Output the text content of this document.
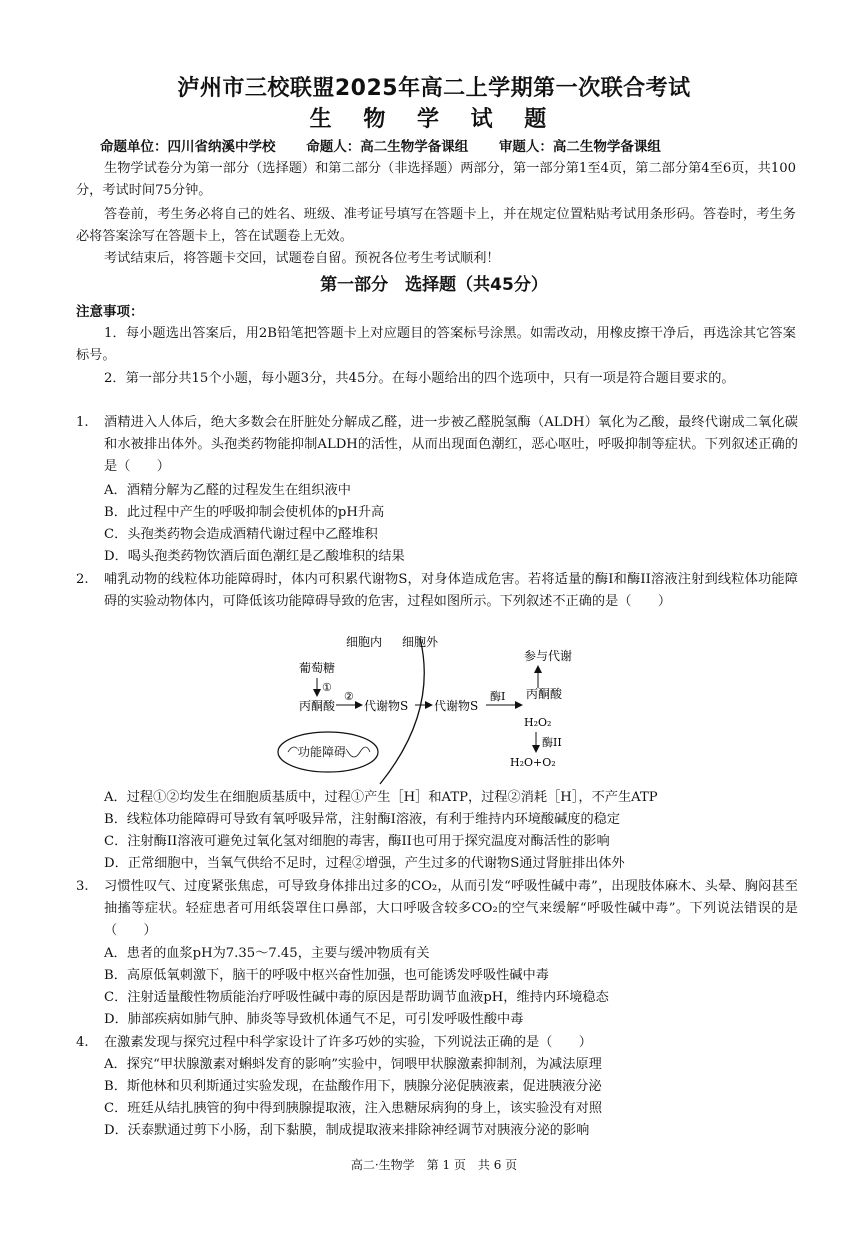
泸州市三校联盟2025年高二上学期第一次联合考试
生 物 学 试 题
命题单位：四川省纳溪中学校 命题人：高二生物学备课组 审题人：高二生物学备课组
生物学试卷分为第一部分（选择题）和第二部分（非选择题）两部分，第一部分第1至4页，第二部分第4至6页，共100分，考试时间75分钟。
答卷前，考生务必将自己的姓名、班级、准考证号填写在答题卡上，并在规定位置粘贴考试用条形码。答卷时，考生务必将答案涂写在答题卡上，答在试题卷上无效。
考试结束后，将答题卡交回，试题卷自留。预祝各位考生考试顺利！
第一部分　选择题（共45分）
注意事项：
1．每小题选出答案后，用2B铅笔把答题卡上对应题目的答案标号涂黑。如需改动，用橡皮擦干净后，再选涂其它答案标号。
2．第一部分共15个小题，每小题3分，共45分。在每小题给出的四个选项中，只有一项是符合题目要求的。
1. 酒精进入人体后，绝大多数会在肝脏处分解成乙醛，进一步被乙醛脱氢酶（ALDH）氧化为乙酸，最终代谢成二氧化碳和水被排出体外。头孢类药物能抑制ALDH的活性，从而出现面色潮红，恶心呕吐，呼吸抑制等症状。下列叙述正确的是（　　）
A．酒精分解为乙醛的过程发生在组织液中
B．此过程中产生的呼吸抑制会使机体的pH升高
C．头孢类药物会造成酒精代谢过程中乙醛堆积
D．喝头孢类药物饮酒后面色潮红是乙酸堆积的结果
2. 哺乳动物的线粒体功能障碍时，体内可积累代谢物S，对身体造成危害。若将适量的酶I和酶II溶液注射到线粒体功能障碍的实验动物体内，可降低该功能障碍导致的危害，过程如图所示。下列叙述不正确的是（　　）
细胞内 细胞外
葡萄糖
①
丙酮酸
②
代谢物S 代谢物S
酶I 丙酮酸
参与代谢
H₂O₂
酶II
H₂O+O₂
功能障碍
A．过程①②均发生在细胞质基质中，过程①产生［H］和ATP，过程②消耗［H］，不产生ATP
B．线粒体功能障碍可导致有氧呼吸异常，注射酶I溶液，有利于维持内环境酸碱度的稳定
C．注射酶II溶液可避免过氧化氢对细胞的毒害，酶II也可用于探究温度对酶活性的影响
D．正常细胞中，当氧气供给不足时，过程②增强，产生过多的代谢物S通过肾脏排出体外
3. 习惯性叹气、过度紧张焦虑，可导致身体排出过多的CO₂，从而引发“呼吸性碱中毒”，出现肢体麻木、头晕、胸闷甚至抽搐等症状。轻症患者可用纸袋罩住口鼻部，大口呼吸含较多CO₂的空气来缓解“呼吸性碱中毒”。下列说法错误的是（　　）
A．患者的血浆pH为7.35～7.45，主要与缓冲物质有关
B．高原低氧刺激下，脑干的呼吸中枢兴奋性加强，也可能诱发呼吸性碱中毒
C．注射适量酸性物质能治疗呼吸性碱中毒的原因是帮助调节血液pH，维持内环境稳态
D．肺部疾病如肺气肿、肺炎等导致机体通气不足，可引发呼吸性酸中毒
4. 在激素发现与探究过程中科学家设计了许多巧妙的实验，下列说法正确的是（　　）
A．探究“甲状腺激素对蝌蚪发育的影响”实验中，饲喂甲状腺激素抑制剂，为减法原理
B．斯他林和贝利斯通过实验发现，在盐酸作用下，胰腺分泌促胰液素，促进胰液分泌
C．班廷从结扎胰管的狗中得到胰腺提取液，注入患糖尿病狗的身上，该实验没有对照
D．沃泰默通过剪下小肠，刮下黏膜，制成提取液来排除神经调节对胰液分泌的影响
高二·生物学　第 1 页　共 6 页
